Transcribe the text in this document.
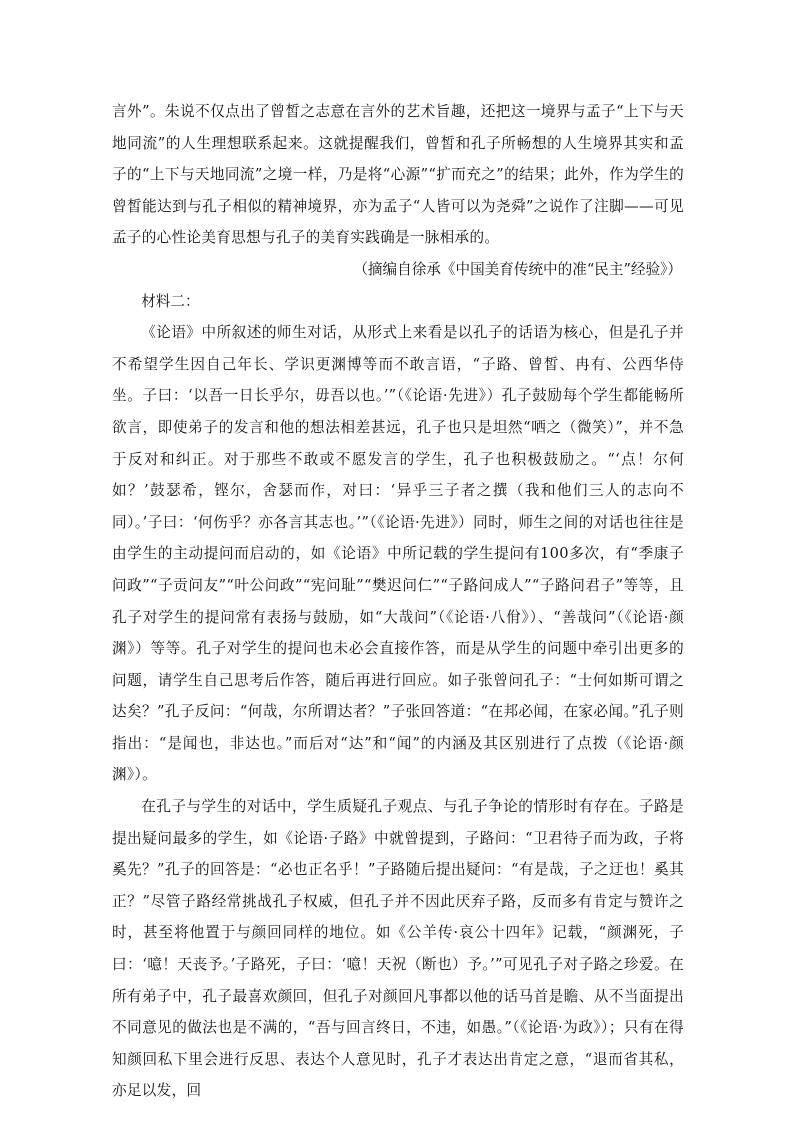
言外”。朱说不仅点出了曾皙之志意在言外的艺术旨趣，还把这一境界与孟子“上下与天地同流”的人生理想联系起来。这就提醒我们，曾皙和孔子所畅想的人生境界其实和孟子的“上下与天地同流”之境一样，乃是将“心源”“扩而充之”的结果；此外，作为学生的曾皙能达到与孔子相似的精神境界，亦为孟子“人皆可以为尧舜”之说作了注脚——可见孟子的心性论美育思想与孔子的美育实践确是一脉相承的。

（摘编自徐承《中国美育传统中的准“民主”经验》）

材料二：

《论语》中所叙述的师生对话，从形式上来看是以孔子的话语为核心，但是孔子并不希望学生因自己年长、学识更渊博等而不敢言语，“子路、曾皙、冉有、公西华侍坐。子曰：‘以吾一日长乎尔，毋吾以也。’”（《论语·先进》）孔子鼓励每个学生都能畅所欲言，即使弟子的发言和他的想法相差甚远，孔子也只是坦然“哂之（微笑）”，并不急于反对和纠正。对于那些不敢或不愿发言的学生，孔子也积极鼓励之。“‘点！尔何如？’鼓瑟希，铿尔，舍瑟而作，对曰：‘异乎三子者之撰（我和他们三人的志向不同）。’子曰：‘何伤乎？亦各言其志也。’”（《论语·先进》）同时，师生之间的对话也往往是由学生的主动提问而启动的，如《论语》中所记载的学生提问有100多次，有“季康子问政”“子贡问友”“叶公问政”“宪问耻”“樊迟问仁”“子路问成人”“子路问君子”等等，且孔子对学生的提问常有表扬与鼓励，如“大哉问”（《论语·八佾》）、“善哉问”（《论语·颜渊》）等等。孔子对学生的提问也未必会直接作答，而是从学生的问题中牵引出更多的问题，请学生自己思考后作答，随后再进行回应。如子张曾问孔子：“士何如斯可谓之达矣？”孔子反问：“何哉，尔所谓达者？”子张回答道：“在邦必闻，在家必闻。”孔子则指出：“是闻也，非达也。”而后对“达”和“闻”的内涵及其区别进行了点拨（《论语·颜渊》）。

在孔子与学生的对话中，学生质疑孔子观点、与孔子争论的情形时有存在。子路是提出疑问最多的学生，如《论语·子路》中就曾提到，子路问：“卫君待子而为政，子将奚先？”孔子的回答是：“必也正名乎！”子路随后提出疑问：“有是哉，子之迂也！奚其正？”尽管子路经常挑战孔子权威，但孔子并不因此厌弃子路，反而多有肯定与赞许之时，甚至将他置于与颜回同样的地位。如《公羊传·哀公十四年》记载，“颜渊死，子曰：‘噫！天丧予。’子路死，子曰：‘噫！天祝（断也）予。’”可见孔子对子路之珍爱。在所有弟子中，孔子最喜欢颜回，但孔子对颜回凡事都以他的话马首是瞻、从不当面提出不同意见的做法也是不满的，“吾与回言终日，不违，如愚。”（《论语·为政》）；只有在得知颜回私下里会进行反思、表达个人意见时，孔子才表达出肯定之意，“退而省其私，亦足以发，回
